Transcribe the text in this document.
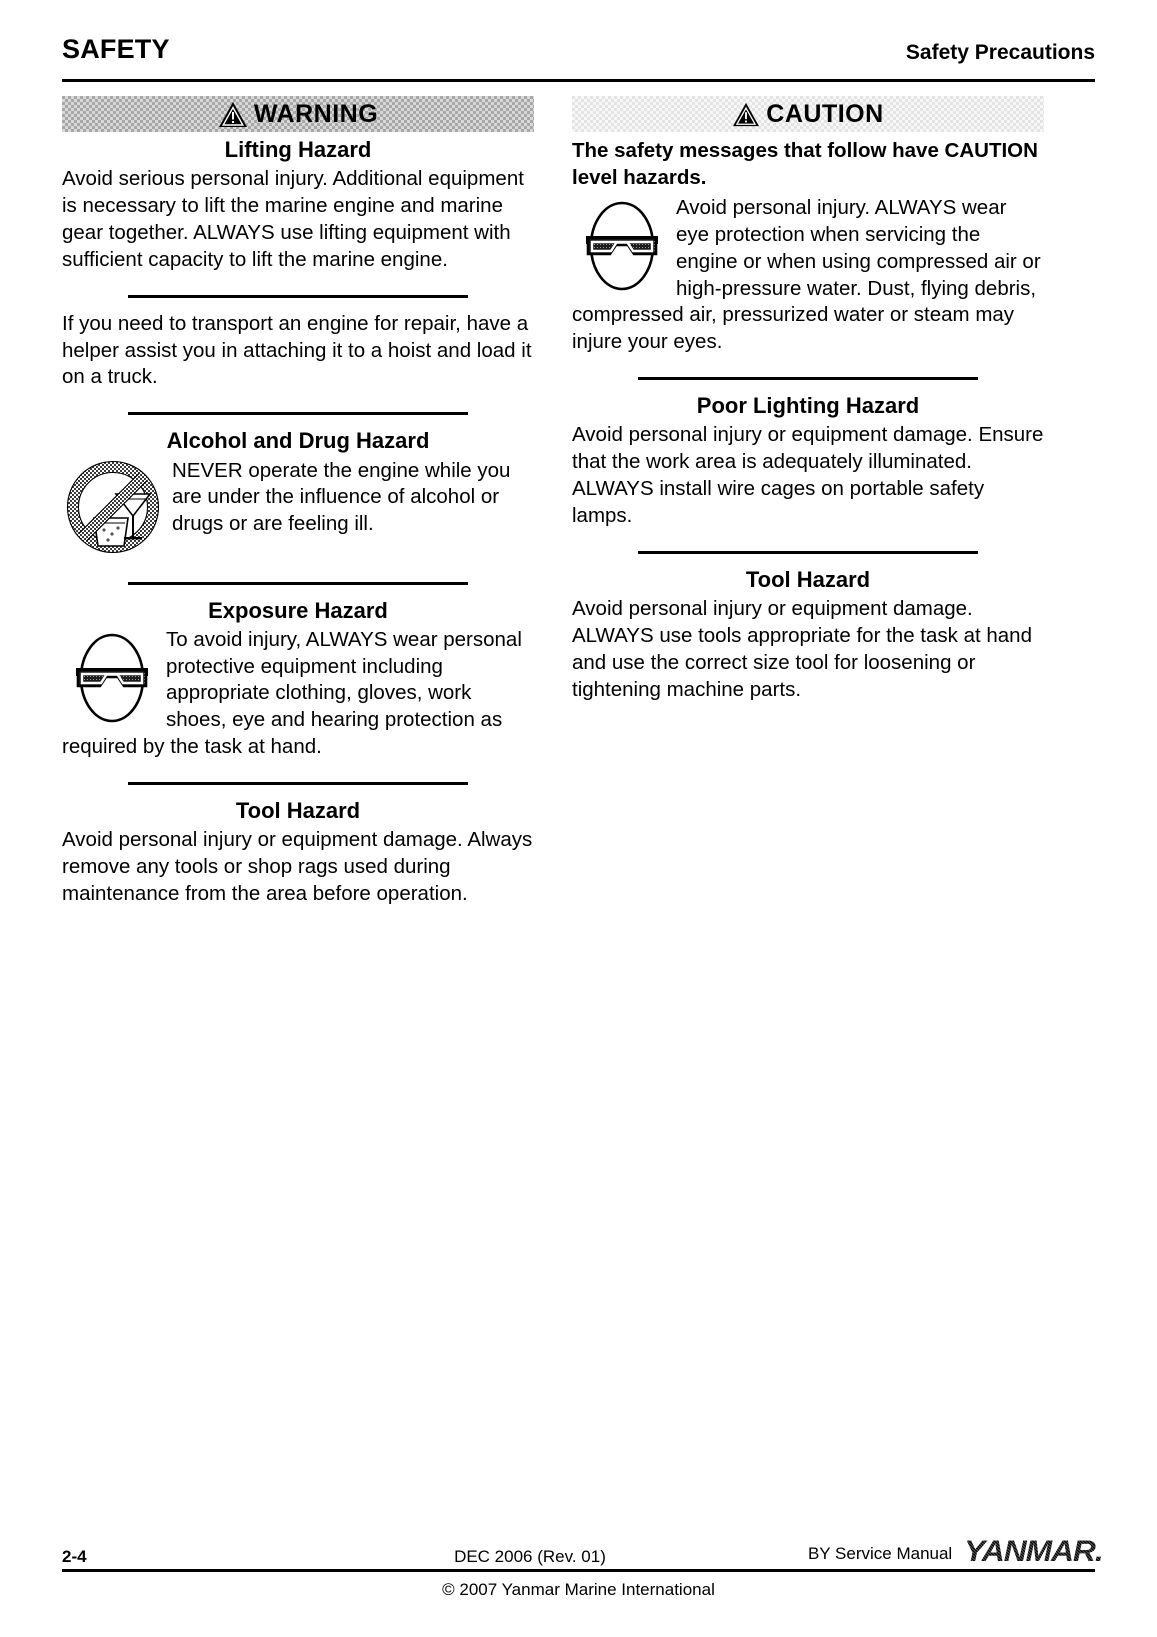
SAFETY	Safety Precautions
WARNING
Lifting Hazard

Avoid serious personal injury. Additional equipment is necessary to lift the marine engine and marine gear together. ALWAYS use lifting equipment with sufficient capacity to lift the marine engine.

If you need to transport an engine for repair, have a helper assist you in attaching it to a hoist and load it on a truck.

Alcohol and Drug Hazard

NEVER operate the engine while you are under the influence of alcohol or drugs or are feeling ill.

Exposure Hazard

To avoid injury, ALWAYS wear personal protective equipment including appropriate clothing, gloves, work shoes, eye and hearing protection as required by the task at hand.

Tool Hazard

Avoid personal injury or equipment damage. Always remove any tools or shop rags used during maintenance from the area before operation.

CAUTION
The safety messages that follow have CAUTION level hazards.

Avoid personal injury. ALWAYS wear eye protection when servicing the engine or when using compressed air or high-pressure water. Dust, flying debris, compressed air, pressurized water or steam may injure your eyes.

Poor Lighting Hazard

Avoid personal injury or equipment damage. Ensure that the work area is adequately illuminated. ALWAYS install wire cages on portable safety lamps.

Tool Hazard

Avoid personal injury or equipment damage. ALWAYS use tools appropriate for the task at hand and use the correct size tool for loosening or tightening machine parts.

2-4	DEC 2006 (Rev. 01)	BY Service Manual YANMAR.
© 2007 Yanmar Marine International
